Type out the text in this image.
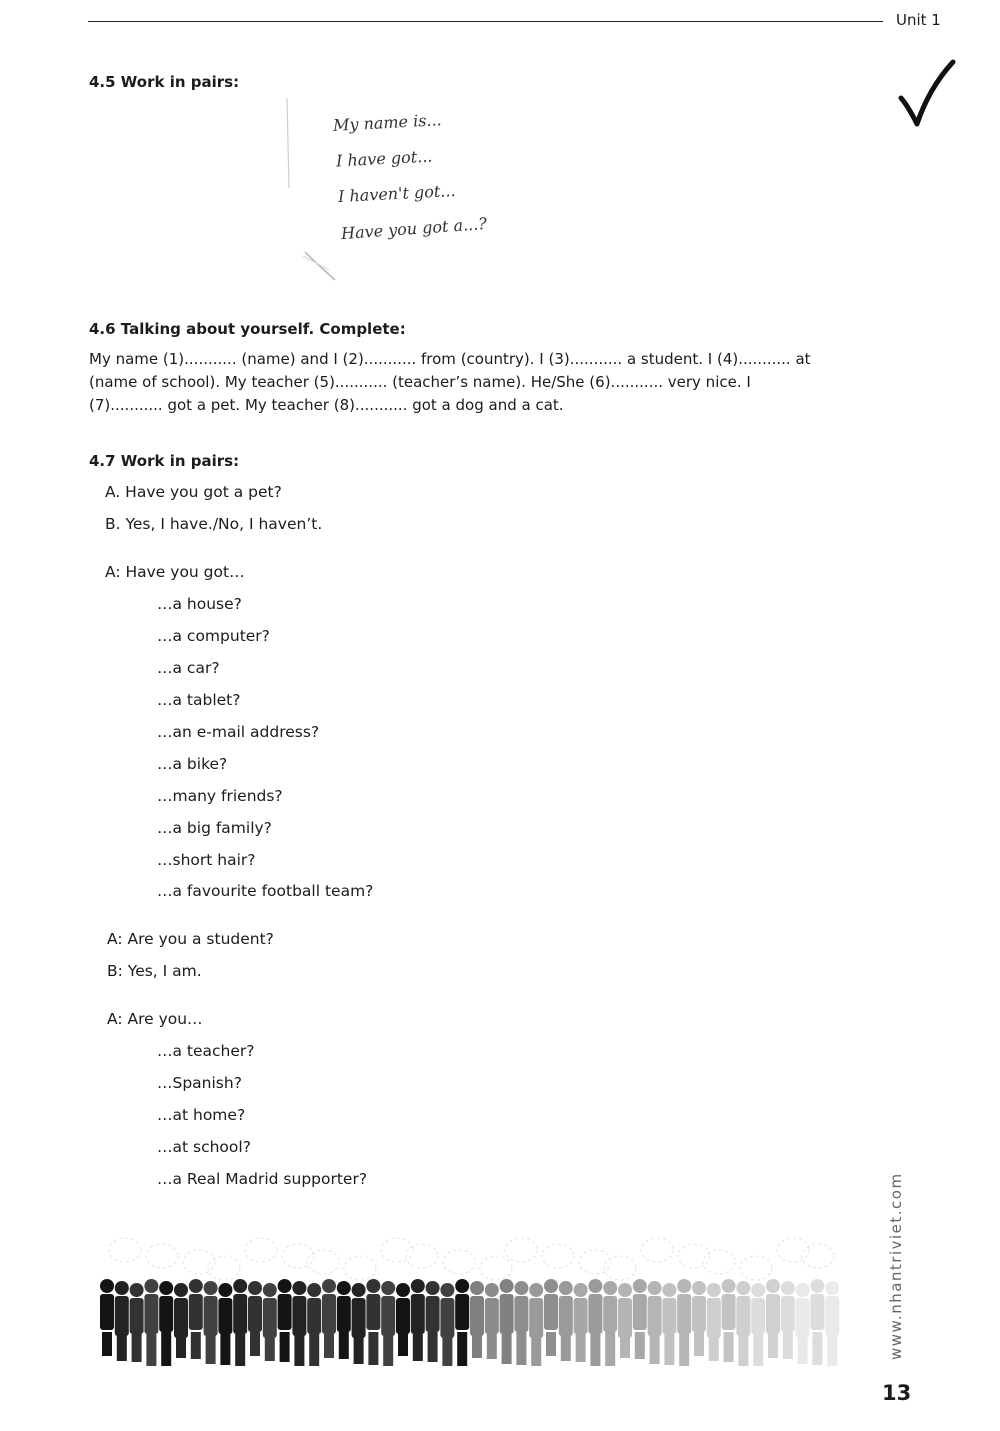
Unit 1
4.5 Work in pairs:
My name is...
I have got...
I haven't got...
Have you got a...?
4.6 Talking about yourself. Complete:
My name (1)........... (name) and I (2)........... from (country). I (3)........... a student. I (4)........... at (name of school). My teacher (5)........... (teacher’s name). He/She (6)........... very nice. I (7)........... got a pet. My teacher (8)........... got a dog and a cat.
4.7 Work in pairs:
A. Have you got a pet?
B. Yes, I have./No, I haven’t.
A: Have you got…
…a house?
…a computer?
…a car?
…a tablet?
…an e-mail address?
…a bike?
…many friends?
…a big family?
…short hair?
…a favourite football team?
A: Are you a student?
B: Yes, I am.
A: Are you…
…a teacher?
…Spanish?
…at home?
…at school?
…a Real Madrid supporter?	www.nhantriviet.com
13
